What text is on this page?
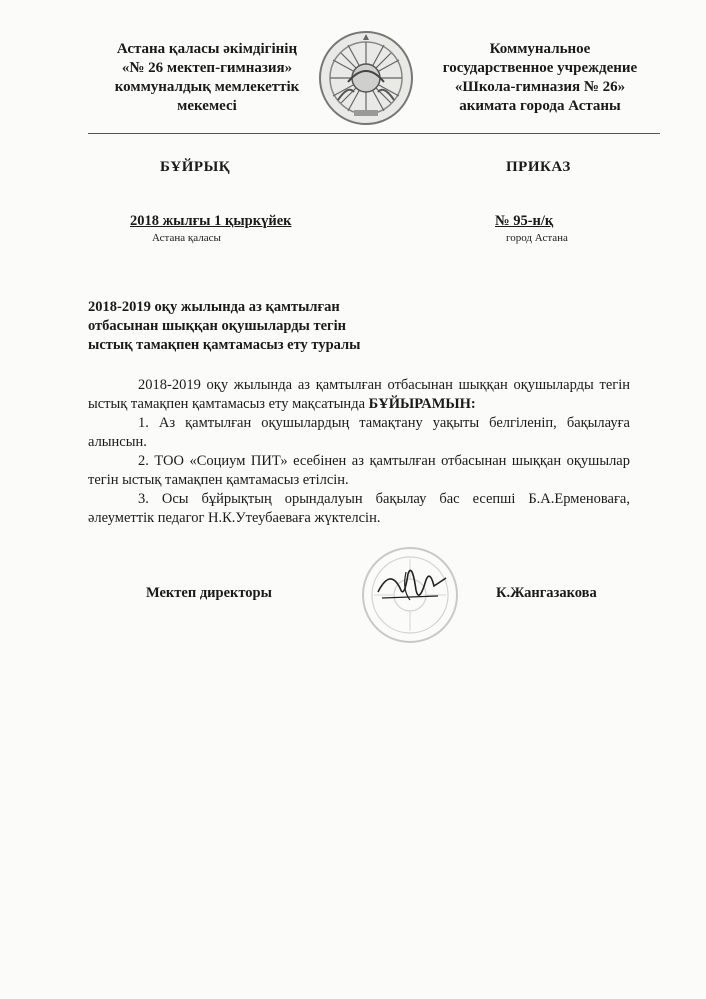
Астана қаласы әкімдігінің
«№ 26 мектеп-гимназия»
коммуналдық мемлекеттік
мекемесі
Коммунальное
государственное учреждение
«Школа-гимназия № 26»
акимата города Астаны
БҰЙРЫҚ	ПРИКАЗ
2018 жылғы 1 қыркүйек
Астана қаласы
№ 95-н/қ
город Астана
2018-2019 оқу жылында аз қамтылған
отбасынан шыққан оқушыларды тегін
ыстық тамақпен қамтамасыз ету туралы

2018-2019 оқу жылында аз қамтылған отбасынан шыққан оқушыларды тегін ыстық тамақпен қамтамасыз ету мақсатында БҰЙЫРАМЫН:

1. Аз қамтылған оқушылардың тамақтану уақыты белгіленіп, бақылауға алынсын.

2. ТОО «Социум ПИТ» есебінен аз қамтылған отбасынан шыққан оқушылар тегін ыстық тамақпен қамтамасыз етілсін.

3. Осы бұйрықтың орындалуын бақылау бас есепші Б.А.Ерменоваға, әлеуметтік педагог Н.К.Утеубаеваға жүктелсін.

Мектеп директоры	К.Жангазакова
